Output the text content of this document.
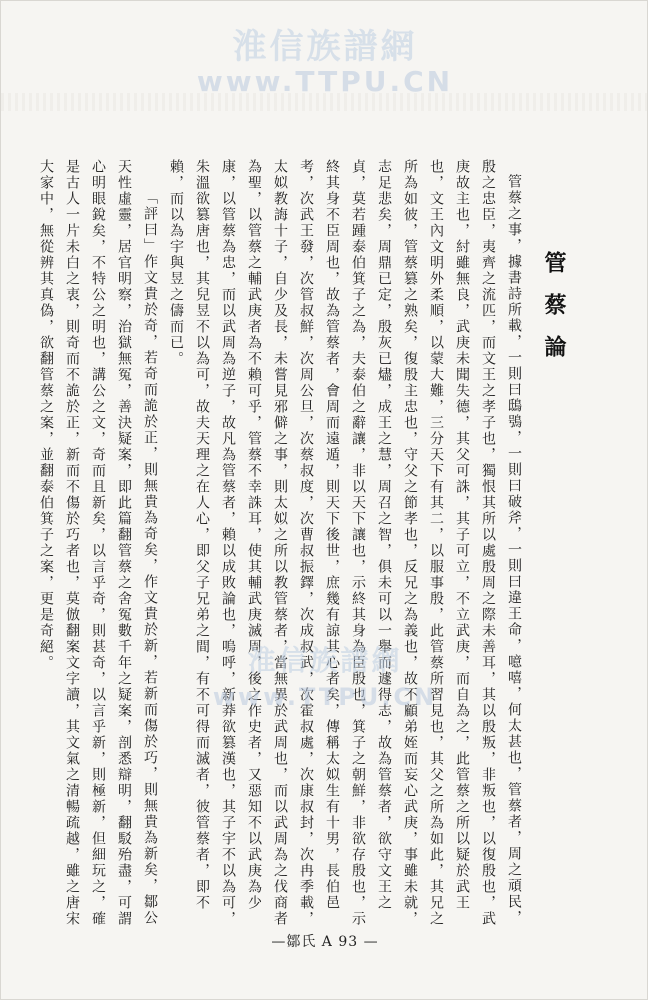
淮信族譜網
www.TTPU.CN
管蔡論

管蔡之事，據書詩所載，一則曰鴟鴞，一則曰破斧，一則曰違王命，噫嘻，何太甚也，管蔡者，周之頑民，殷之忠臣，夷齊之流匹，而文王之孝子也，獨恨其所以處殷周之際未善耳，其以殷叛，非叛也，以復殷也，武庚故主也，紂雖無良，武庚未聞失德，其父可誅，其子可立，不立武庚，而自為之，此管蔡之所以疑於武王也，文王內文明外柔順，以蒙大難，三分天下有其二，以服事殷，此管蔡所習見也，其父之所為如此，其兄之所為如彼，管蔡篡之熟矣，復殷主忠也，守父之節孝也，反兄之為義也，故不顧弟姪而妄心武庚，事雖未就，志足悲矣，周鼎已定，殷灰已燼，成王之慧，周召之智，俱未可以一舉而遽得志，故為管蔡者，欲守文王之貞，莫若踵泰伯箕子之為，夫泰伯之辭讓，非以天下讓也，示終其身為臣殷也，箕子之朝鮮，非欲存殷也，示終其身不臣周也，故為管蔡者，會周而遠遁，則天下後世，庶幾有諒其心者矣，傳稱太姒生有十男，長伯邑考，次武王發，次管叔鮮，次周公旦，次蔡叔度，次曹叔振鐸，次成叔武，次霍叔處，次康叔封，次冉季載，太姒教誨十子，自少及長，未嘗見邪僻之事，則太姒之所以教管蔡者，當無異於武周也，而以武周為之伐商者為聖，以管蔡之輔武庚者為不賴可乎，管蔡不幸誅耳，使其輔武庚滅周，後之作史者，又惡知不以武庚為少康，以管蔡為忠，而以武周為逆子，故凡為管蔡者，賴以成敗論也，嗚呼，新莽欲篡漢也，其子宇不以為可，朱溫欲篡唐也，其兒昱不以為可，故夫天理之在人心，即父子兄弟之間，有不可得而滅者，彼管蔡者，即不賴，而以為宇與昱之儔而已。

「評曰」作文貴於奇，若奇而詭於正，則無貴為奇矣，作文貴於新，若新而傷於巧，則無貴為新矣，鄒公天性虛靈，居官明察，治獄無冤，善決疑案，即此篇翻管蔡之舍冤數千年之疑案，剖悉辯明，翻駁殆盡，可謂心明眼銳矣，不特公之明也，講公之文，奇而且新矣，以言乎奇，則甚奇，以言乎新，則極新，但細玩之，確是古人一片未白之衷，則奇而不詭於正，新而不傷於巧者也，莫倣翻案文字讀，其文氣之清暢疏越，雖之唐宋大家中，無從辨其真偽，欲翻管蔡之案，並翻泰伯箕子之案，更是奇絕。	淮信族譜網
www.TTPU.CN
—鄒氏 A 93 —
